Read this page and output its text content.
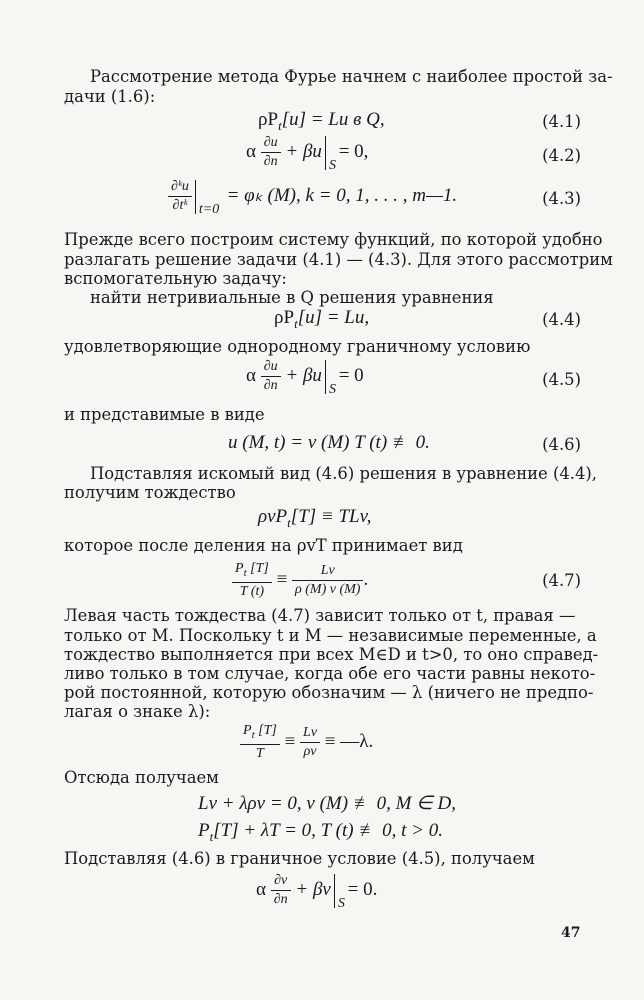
Рассмотрение метода Фурье начнем с наиболее простой за-
дачи (1.6):
$\rho P_t[u] = Lu$ в Q,	(4.1)
α $\frac{\partial u}{\partial n} + \beta u$
S
= 0,	(4.2)
$\frac{\text{∂ᵏu}}{\text{∂tᵏ}} t=0$
= φₖ (M), k = 0, 1, . . . , m—1.	(4.3)
Прежде всего построим систему функций, по которой удобно
разлагать решение задачи (4.1) — (4.3). Для этого рассмотрим
вспомогательную задачу:
найти нетривиальные в Q решения уравнения
$\rho P_t[u] = Lu$,	(4.4)
удовлетворяющие однородному граничному условию
α $\frac{\partial u}{\partial n} + \beta u$
S
= 0	(4.5)
и представимые в виде
u (M, t) = v (M) T (t) ≢ 0.	(4.6)
Подставляя искомый вид (4.6) решения в уравнение (4.4),
получим тождество
ρvP$_t$[T] ≡ TLv,
которое после деления на ρvT принимает вид
$\frac{P_t [T]}{T (t)} \equiv \frac{Lv}{\rho (M) v (M)}$ .	(4.7)
Левая часть тождества (4.7) зависит только от t, правая —
только от M. Поскольку t и M — независимые переменные, а
тождество выполняется при всех M∈D и t>0, то оно справед-
ливо только в том случае, когда обе его части равны некото-
рой постоянной, которую обозначим — λ (ничего не предпо-
лагая о знаке λ):
$\frac{P_t [T]}{T} \equiv \frac{Lv}{\rho v}$ ≡ —λ.
Отсюда получаем
Lv + λρv = 0, v (M) ≢ 0, M ∈ D,
$P_t[T] + \lambda T = 0$, T (t) ≢ 0, t > 0.
Подставляя (4.6) в граничное условие (4.5), получаем
α $\frac{\partial v}{\partial n} + \beta v$
S
= 0.
47
